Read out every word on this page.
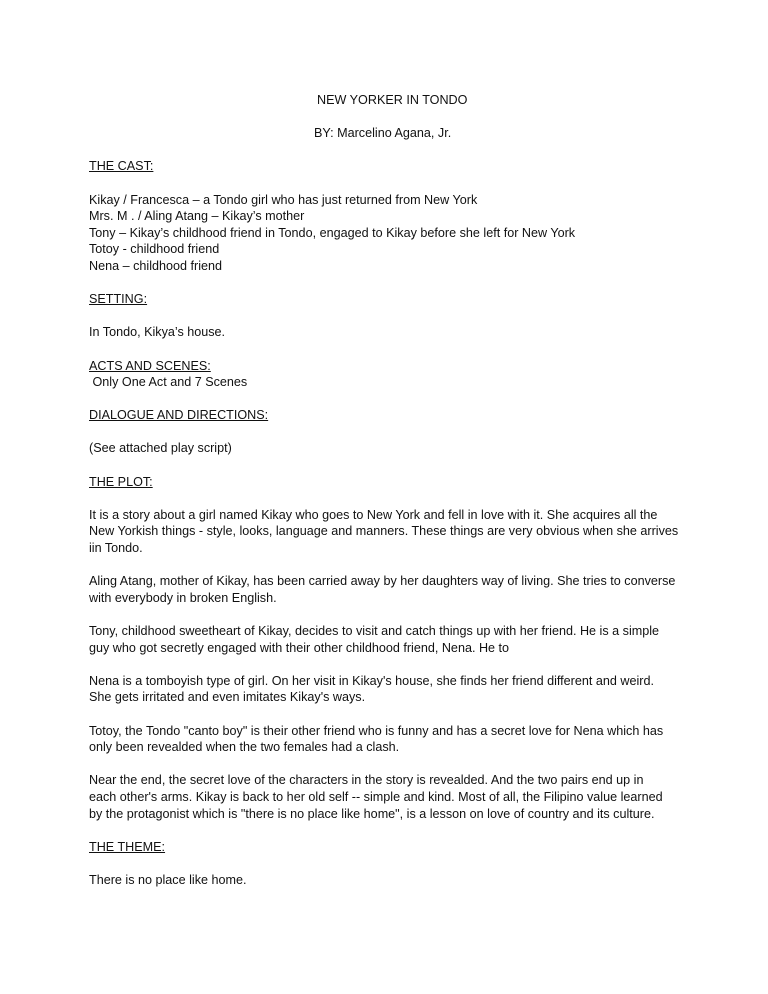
NEW YORKER IN TONDO
BY: Marcelino Agana, Jr.
THE CAST:
Kikay / Francesca – a Tondo girl who has just returned from New York
Mrs. M . / Aling Atang – Kikay’s mother
Tony – Kikay’s childhood friend in Tondo, engaged to Kikay before she left for New York
Totoy - childhood friend
Nena – childhood friend
SETTING:
In Tondo, Kikya’s house.
ACTS AND SCENES:
Only One Act and 7 Scenes
DIALOGUE AND DIRECTIONS:
(See attached play script)
THE PLOT:
It is a story about a girl named Kikay who goes to New York and fell in love with it. She acquires all the
New Yorkish things - style, looks, language and manners. These things are very obvious when she arrives
iin Tondo.
Aling Atang, mother of Kikay, has been carried away by her daughters way of living. She tries to converse
with everybody in broken English.
Tony, childhood sweetheart of Kikay, decides to visit and catch things up with her friend. He is a simple
guy who got secretly engaged with their other childhood friend, Nena. He to
Nena is a tomboyish type of girl. On her visit in Kikay's house, she finds her friend different and weird.
She gets irritated and even imitates Kikay's ways.
Totoy, the Tondo "canto boy" is their other friend who is funny and has a secret love for Nena which has
only been revealded when the two females had a clash.
Near the end, the secret love of the characters in the story is revealded. And the two pairs end up in
each other's arms. Kikay is back to her old self -- simple and kind. Most of all, the Filipino value learned
by the protagonist which is "there is no place like home", is a lesson on love of country and its culture.
THE THEME:
There is no place like home.
